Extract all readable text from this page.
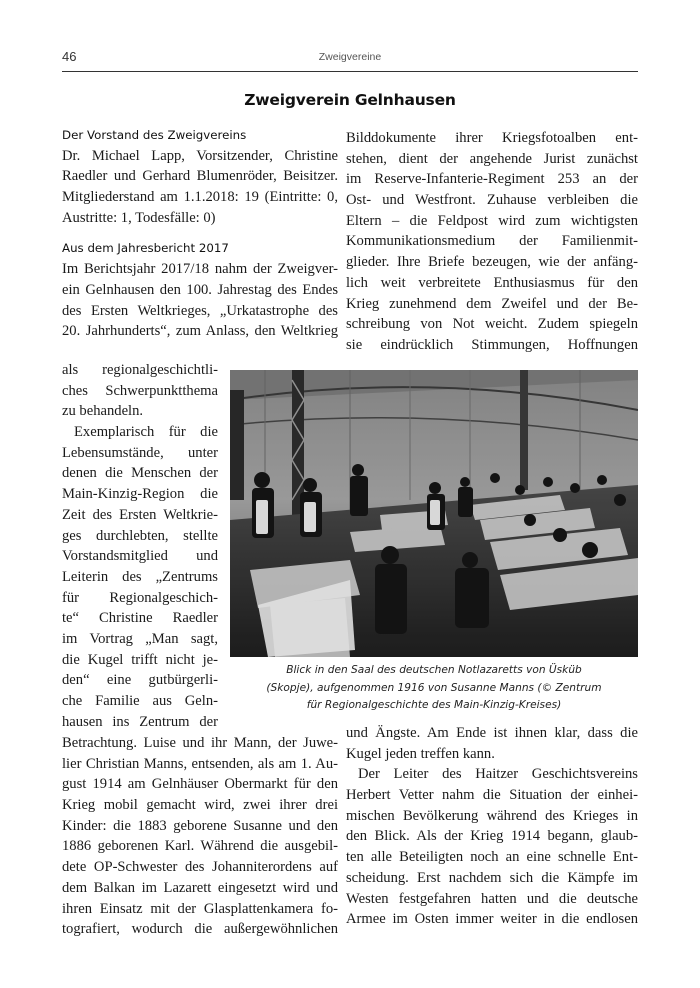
46	Zweigvereine
Zweigverein Gelnhausen
Der Vorstand des Zweigvereins
Dr. Michael Lapp, Vorsitzender, Christine
Raedler und Gerhard Blumenröder, Beisitzer.
Mitgliederstand am 1.1.2018: 19 (Eintritte: 0,
Austritte: 1, Todesfälle: 0)
Aus dem Jahresbericht 2017
Im Berichtsjahr 2017/18 nahm der Zweigver-
ein Gelnhausen den 100. Jahrestag des Endes
des Ersten Weltkrieges, „Urkatastrophe des
20. Jahrhunderts“, zum Anlass, den Weltkrieg
als regionalgeschichtli-
ches Schwerpunktthema
zu behandeln.
Exemplarisch für die
Lebensumstände, unter
denen die Menschen der
Main-Kinzig-Region die
Zeit des Ersten Weltkrie-
ges durchlebten, stellte
Vorstandsmitglied und
Leiterin des „Zentrums
für Regionalgeschich-
te“ Christine Raedler
im Vortrag „Man sagt,
die Kugel trifft nicht je-
den“ eine gutbürgerli-
che Familie aus Geln-
hausen ins Zentrum der
Betrachtung. Luise und ihr Mann, der Juwe-
lier Christian Manns, entsenden, als am 1. Au-
gust 1914 am Gelnhäuser Obermarkt für den
Krieg mobil gemacht wird, zwei ihrer drei
Kinder: die 1883 geborene Susanne und den
1886 geborenen Karl. Während die ausgebil-
dete OP-Schwester des Johanniterordens auf
dem Balkan im Lazarett eingesetzt wird und
ihren Einsatz mit der Glasplattenkamera fo-
tografiert, wodurch die außergewöhnlichen
Bilddokumente ihrer Kriegsfotoalben ent-
stehen, dient der angehende Jurist zunächst
im Reserve-Infanterie-Regiment 253 an der
Ost- und Westfront. Zuhause verbleiben die
Eltern – die Feldpost wird zum wichtigsten
Kommunikationsmedium der Familienmit-
glieder. Ihre Briefe bezeugen, wie der anfäng-
lich weit verbreitete Enthusiasmus für den
Krieg zunehmend dem Zweifel und der Be-
schreibung von Not weicht. Zudem spiegeln
sie eindrücklich Stimmungen, Hoffnungen
Blick in den Saal des deutschen Notlazaretts von Üsküb
(Skopje), aufgenommen 1916 von Susanne Manns (© Zentrum
für Regionalgeschichte des Main-Kinzig-Kreises)
und Ängste. Am Ende ist ihnen klar, dass die
Kugel jeden treffen kann.
Der Leiter des Haitzer Geschichtsvereins
Herbert Vetter nahm die Situation der einhei-
mischen Bevölkerung während des Krieges in
den Blick. Als der Krieg 1914 begann, glaub-
ten alle Beteiligten noch an eine schnelle Ent-
scheidung. Erst nachdem sich die Kämpfe im
Westen festgefahren hatten und die deutsche
Armee im Osten immer weiter in die endlosen
